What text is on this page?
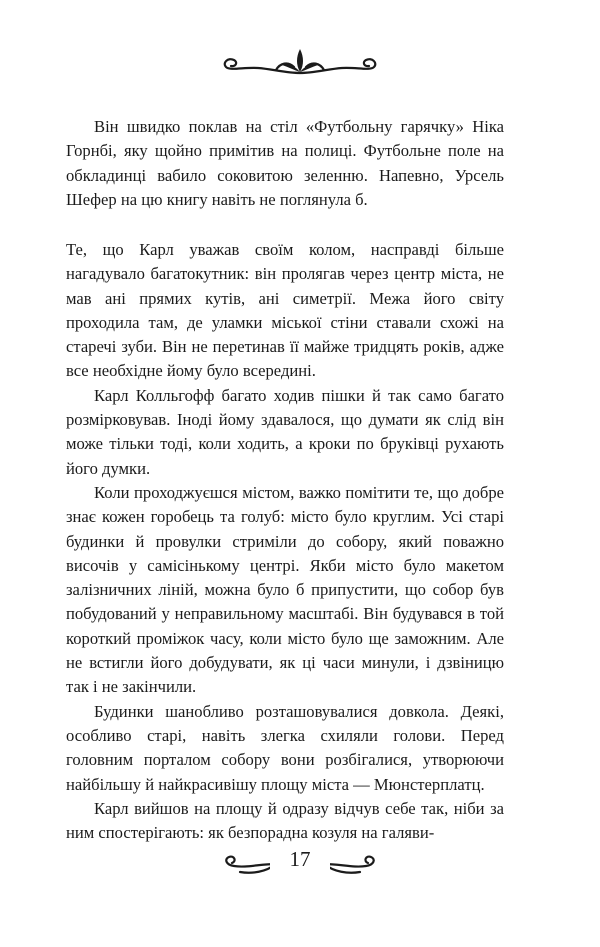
Він швидко поклав на стіл «Футбольну гарячку» Ніка Горнбі, яку щойно примітив на полиці. Футбольне поле на обкладинці вабило соковитою зеленню. Напевно, Урсель Шефер на цю книгу навіть не поглянула б.

Те, що Карл уважав своїм колом, насправді більше нагадувало багатокутник: він пролягав через центр міста, не мав ані прямих кутів, ані симетрії. Межа його світу проходила там, де уламки міської стіни ставали схожі на старечі зуби. Він не перетинав її майже тридцять років, адже все необхідне йому було всередині.

Карл Колльгофф багато ходив пішки й так само багато розмірковував. Іноді йому здавалося, що думати як слід він може тільки тоді, коли ходить, а кроки по бруківці рухають його думки.

Коли проходжуєшся містом, важко помітити те, що добре знає кожен горобець та голуб: місто було круглим. Усі старі будинки й провулки стриміли до собору, який поважно височів у самісінькому центрі. Якби місто було макетом залізничних ліній, можна було б припустити, що собор був побудований у неправильному масштабі. Він будувався в той короткий проміжок часу, коли місто було ще заможним. Але не встигли його добудувати, як ці часи минули, і дзвіницю так і не закінчили.

Будинки шанобливо розташовувалися довкола. Деякі, особливо старі, навіть злегка схиляли голови. Перед головним порталом собору вони розбігалися, утворюючи найбільшу й найкрасивішу площу міста — Мюнстерплатц.

Карл вийшов на площу й одразу відчув себе так, ніби за ним спостерігають: як безпорадна козуля на галяви-

17
